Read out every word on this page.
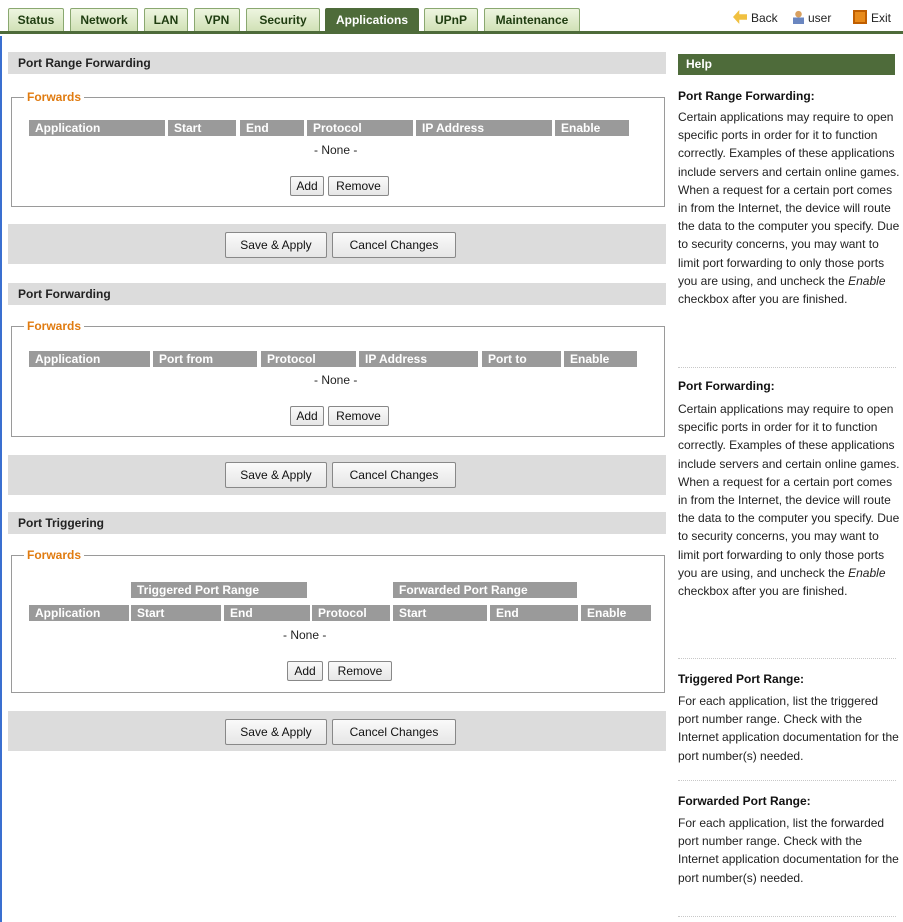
Status	Network	LAN	VPN	Security	Applications	UPnP	Maintenance	Back	user	Exit
Port Range Forwarding
Forwards
Application	Start	End	Protocol	IP Address	Enable
- None -
Add	Remove
Save & Apply	Cancel Changes
Port Forwarding
Forwards
Application	Port from	Protocol	IP Address	Port to	Enable
- None -
Add	Remove
Save & Apply	Cancel Changes
Port Triggering
Forwards
Triggered Port Range	Forwarded Port Range
Application	Start	End	Protocol	Start	End	Enable
- None -
Add	Remove
Save & Apply	Cancel Changes
Help
Port Range Forwarding:
Certain applications may require to open specific ports in order for it to function correctly. Examples of these applications include servers and certain online games. When a request for a certain port comes in from the Internet, the device will route the data to the computer you specify. Due to security concerns, you may want to limit port forwarding to only those ports you are using, and uncheck the Enable checkbox after you are finished.
Port Forwarding:
Certain applications may require to open specific ports in order for it to function correctly. Examples of these applications include servers and certain online games. When a request for a certain port comes in from the Internet, the device will route the data to the computer you specify. Due to security concerns, you may want to limit port forwarding to only those ports you are using, and uncheck the Enable checkbox after you are finished.
Triggered Port Range:
For each application, list the triggered port number range. Check with the Internet application documentation for the port number(s) needed.
Forwarded Port Range:
For each application, list the forwarded port number range. Check with the Internet application documentation for the port number(s) needed.
